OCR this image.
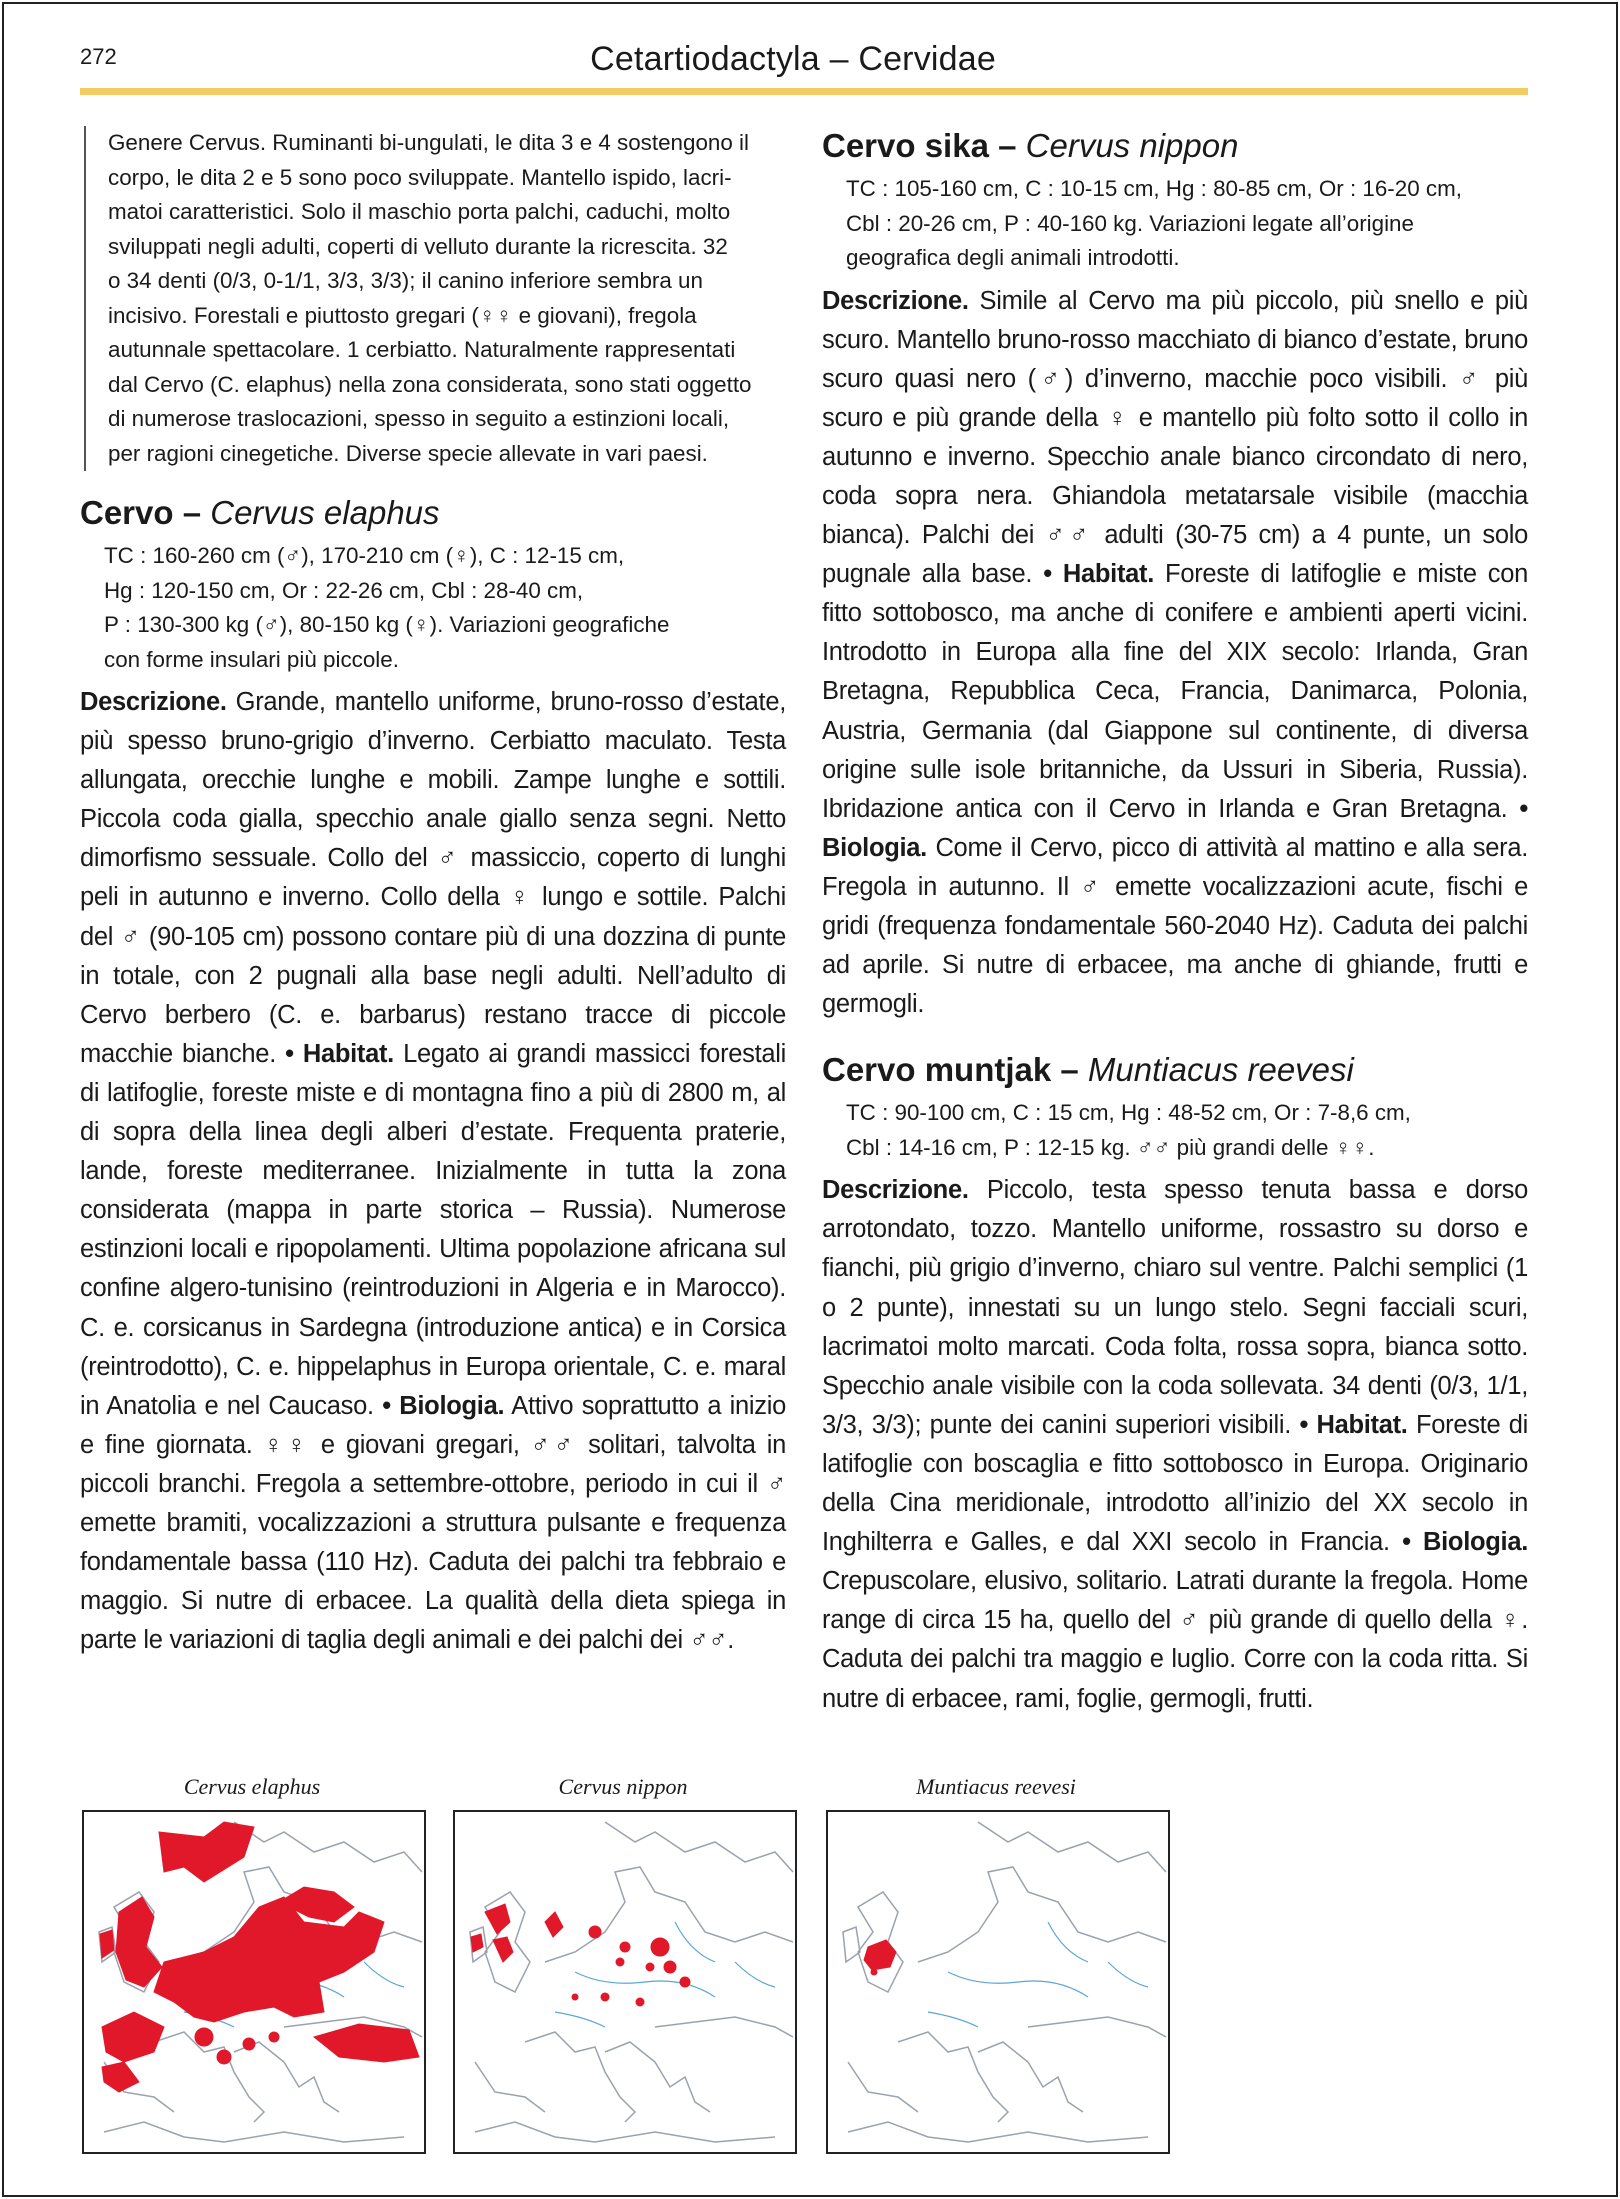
272	Cetartiodactyla – Cervidae
Genere Cervus. Ruminanti bi-ungulati, le dita 3 e 4 sostengono il
corpo, le dita 2 e 5 sono poco sviluppate. Mantello ispido, lacri-
matoi caratteristici. Solo il maschio porta palchi, caduchi, molto
sviluppati negli adulti, coperti di velluto durante la ricrescita. 32
o 34 denti (0/3, 0-1/1, 3/3, 3/3); il canino inferiore sembra un
incisivo. Forestali e piuttosto gregari (♀♀ e giovani), fregola
autunnale spettacolare. 1 cerbiatto. Naturalmente rappresentati
dal Cervo (C. elaphus) nella zona considerata, sono stati oggetto
di numerose traslocazioni, spesso in seguito a estinzioni locali,
per ragioni cinegetiche. Diverse specie allevate in vari paesi.
Cervo – Cervus elaphus
TC : 160-260 cm (♂), 170-210 cm (♀), C : 12-15 cm,
Hg : 120-150 cm, Or : 22-26 cm, Cbl : 28-40 cm,
P : 130-300 kg (♂), 80-150 kg (♀). Variazioni geografiche
con forme insulari più piccole.
Descrizione. Grande, mantello uniforme, bruno-rosso d’estate, più spesso bruno-grigio d’inverno. Cerbiatto maculato. Testa allungata, orecchie lunghe e mobili. Zampe lunghe e sottili. Piccola coda gialla, specchio anale giallo senza segni. Netto dimorfismo sessuale. Collo del ♂ massiccio, coperto di lunghi peli in autunno e inverno. Collo della ♀ lungo e sottile. Palchi del ♂ (90-105 cm) possono contare più di una dozzina di punte in totale, con 2 pugnali alla base negli adulti. Nell’adulto di Cervo berbero (C. e. barbarus) restano tracce di piccole macchie bianche. • Habitat. Legato ai grandi massicci forestali di latifoglie, foreste miste e di montagna fino a più di 2800 m, al di sopra della linea degli alberi d’estate. Frequenta praterie, lande, foreste mediterranee. Inizialmente in tutta la zona considerata (mappa in parte storica – Russia). Numerose estinzioni locali e ripopolamenti. Ultima popolazione africana sul confine algero-tunisino (reintroduzioni in Algeria e in Marocco). C. e. corsicanus in Sardegna (introduzione antica) e in Corsica (reintrodotto), C. e. hippelaphus in Europa orientale, C. e. maral in Anatolia e nel Caucaso. • Biologia. Attivo soprattutto a inizio e fine giornata. ♀♀ e giovani gregari, ♂♂ solitari, talvolta in piccoli branchi. Fregola a settembre-ottobre, periodo in cui il ♂ emette bramiti, vocalizzazioni a struttura pulsante e frequenza fondamentale bassa (110 Hz). Caduta dei palchi tra febbraio e maggio. Si nutre di erbacee. La qualità della dieta spiega in parte le variazioni di taglia degli animali e dei palchi dei ♂♂.
Cervo sika – Cervus nippon
TC : 105-160 cm, C : 10-15 cm, Hg : 80-85 cm, Or : 16-20 cm,
Cbl : 20-26 cm, P : 40-160 kg. Variazioni legate all’origine
geografica degli animali introdotti.
Descrizione. Simile al Cervo ma più piccolo, più snello e più scuro. Mantello bruno-rosso macchiato di bianco d’estate, bruno scuro quasi nero (♂) d’inverno, macchie poco visibili. ♂ più scuro e più grande della ♀ e mantello più folto sotto il collo in autunno e inverno. Specchio anale bianco circondato di nero, coda sopra nera. Ghiandola metatarsale visibile (macchia bianca). Palchi dei ♂♂ adulti (30-75 cm) a 4 punte, un solo pugnale alla base. • Habitat. Foreste di latifoglie e miste con fitto sottobosco, ma anche di conifere e ambienti aperti vicini. Introdotto in Europa alla fine del XIX secolo: Irlanda, Gran Bretagna, Repubblica Ceca, Francia, Danimarca, Polonia, Austria, Germania (dal Giappone sul continente, di diversa origine sulle isole britanniche, da Ussuri in Siberia, Russia). Ibridazione antica con il Cervo in Irlanda e Gran Bretagna. • Biologia. Come il Cervo, picco di attività al mattino e alla sera. Fregola in autunno. Il ♂ emette vocalizzazioni acute, fischi e gridi (frequenza fondamentale 560-2040 Hz). Caduta dei palchi ad aprile. Si nutre di erbacee, ma anche di ghiande, frutti e germogli.
Cervo muntjak – Muntiacus reevesi
TC : 90-100 cm, C : 15 cm, Hg : 48-52 cm, Or : 7-8,6 cm,
Cbl : 14-16 cm, P : 12-15 kg. ♂♂ più grandi delle ♀♀.
Descrizione. Piccolo, testa spesso tenuta bassa e dorso arrotondato, tozzo. Mantello uniforme, rossastro su dorso e fianchi, più grigio d’inverno, chiaro sul ventre. Palchi semplici (1 o 2 punte), innestati su un lungo stelo. Segni facciali scuri, lacrimatoi molto marcati. Coda folta, rossa sopra, bianca sotto. Specchio anale visibile con la coda sollevata. 34 denti (0/3, 1/1, 3/3, 3/3); punte dei canini superiori visibili. • Habitat. Foreste di latifoglie con boscaglia e fitto sottobosco in Europa. Originario della Cina meridionale, introdotto all’inizio del XX secolo in Inghilterra e Galles, e dal XXI secolo in Francia. • Biologia. Crepuscolare, elusivo, solitario. Latrati durante la fregola. Home range di circa 15 ha, quello del ♂ più grande di quello della ♀. Caduta dei palchi tra maggio e luglio. Corre con la coda ritta. Si nutre di erbacee, rami, foglie, germogli, frutti.
Cervus elaphus	Cervus nippon	Muntiacus reevesi
